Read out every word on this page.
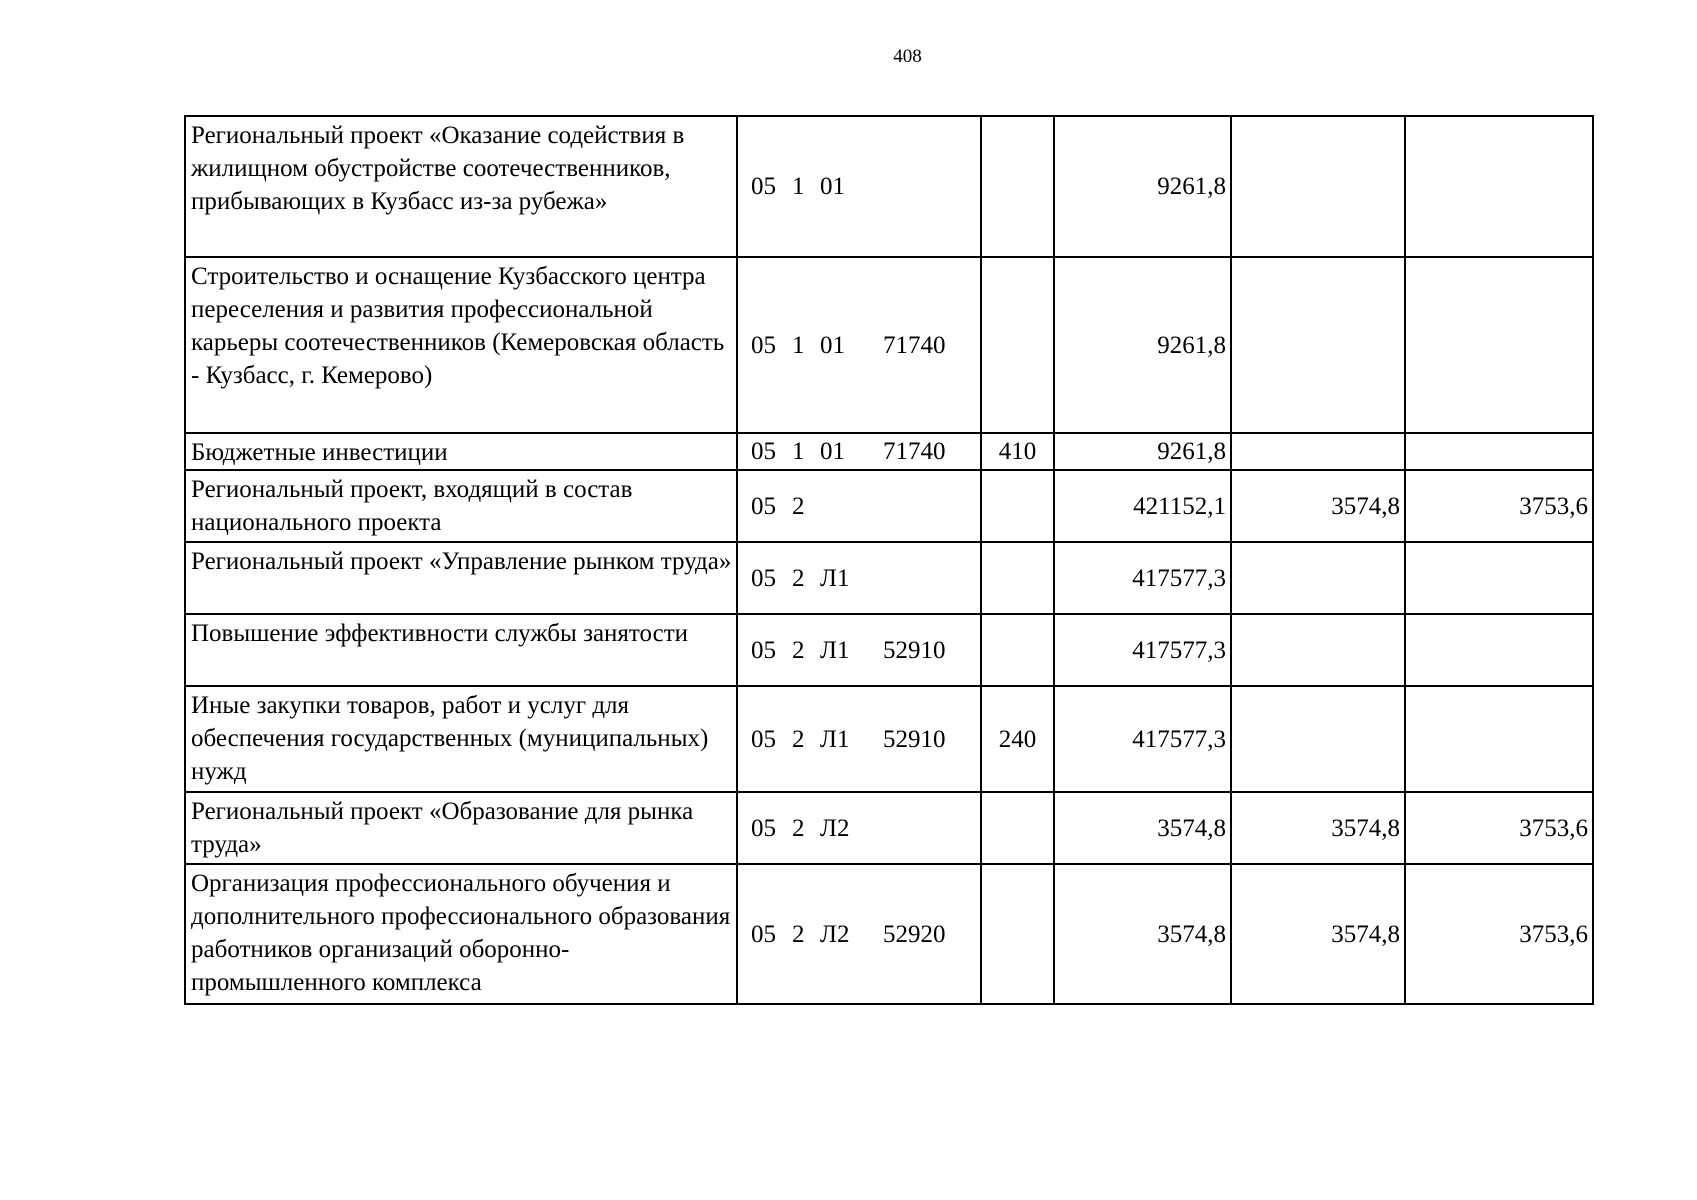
408
Региональный проект «Оказание содействия в жилищном обустройстве соотечественников, прибывающих в Кузбасс из-за рубежа»	05 1 01		9261,8		
Строительство и оснащение Кузбасского центра переселения и развития профессиональной карьеры соотечественников (Кемеровская область - Кузбасс, г. Кемерово)	05 1 01 71740		9261,8		
Бюджетные инвестиции	05 1 01 71740	410	9261,8		
Региональный проект, входящий в состав национального проекта	05 2		421152,1	3574,8	3753,6
Региональный проект «Управление рынком труда»	05 2 Л1		417577,3		
Повышение эффективности службы занятости	05 2 Л1 52910		417577,3		
Иные закупки товаров, работ и услуг для обеспечения государственных (муниципальных) нужд	05 2 Л1 52910	240	417577,3		
Региональный проект «Образование для рынка труда»	05 2 Л2		3574,8	3574,8	3753,6
Организация профессионального обучения и дополнительного профессионального образования работников организаций оборонно-промышленного комплекса	05 2 Л2 52920		3574,8	3574,8	3753,6
